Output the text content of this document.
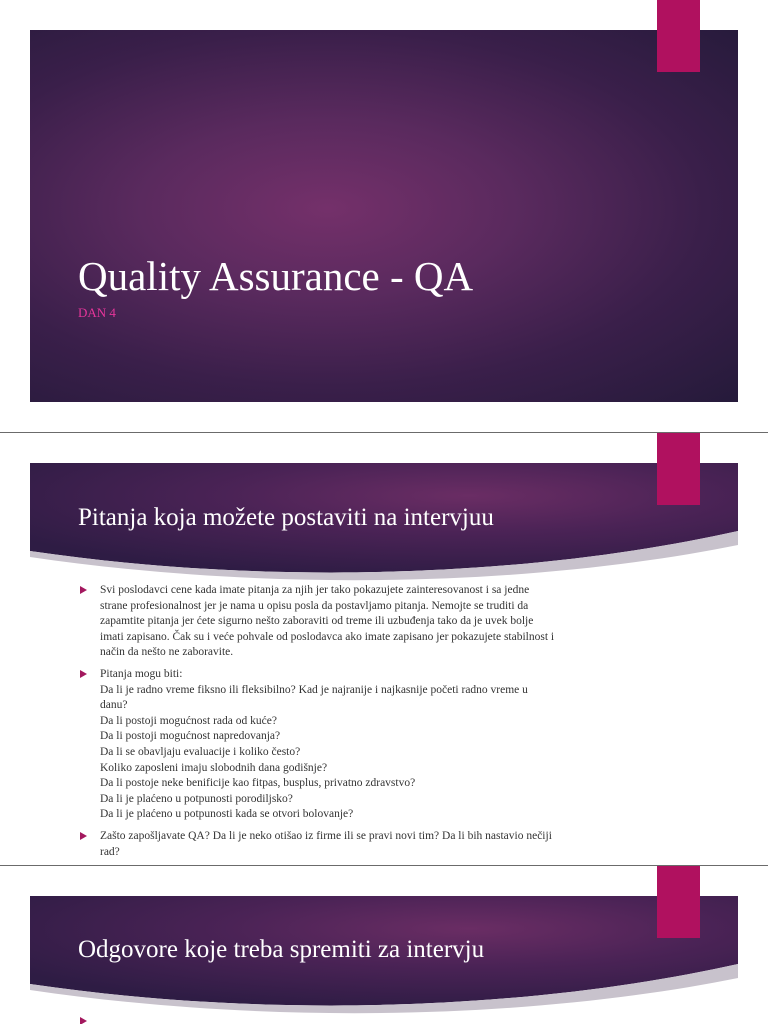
Quality Assurance - QA
DAN 4
Pitanja koja možete postaviti na intervjuu
Svi poslodavci cene kada imate pitanja za njih jer tako pokazujete zainteresovanost i sa jedne
strane profesionalnost jer je nama u opisu posla da postavljamo pitanja. Nemojte se truditi da
zapamtite pitanja jer ćete sigurno nešto zaboraviti od treme ili uzbuđenja tako da je uvek bolje
imati zapisano. Čak su i veće pohvale od poslodavca ako imate zapisano jer pokazujete stabilnost i
način da nešto ne zaboravite.
Pitanja mogu biti:
Da li je radno vreme fiksno ili fleksibilno? Kad je najranije i najkasnije početi radno vreme u
danu?
Da li postoji mogućnost rada od kuće?
Da li postoji mogućnost napredovanja?
Da li se obavljaju evaluacije i koliko često?
Koliko zaposleni imaju slobodnih dana godišnje?
Da li postoje neke benificije kao fitpas, busplus, privatno zdravstvo?
Da li je plaćeno u potpunosti porodiljsko?
Da li je plaćeno u potpunosti kada se otvori bolovanje?
Zašto zapošljavate QA? Da li je neko otišao iz firme ili se pravi novi tim? Da li bih nastavio nečiji
rad?
Odgovore koje treba spremiti za intervju
